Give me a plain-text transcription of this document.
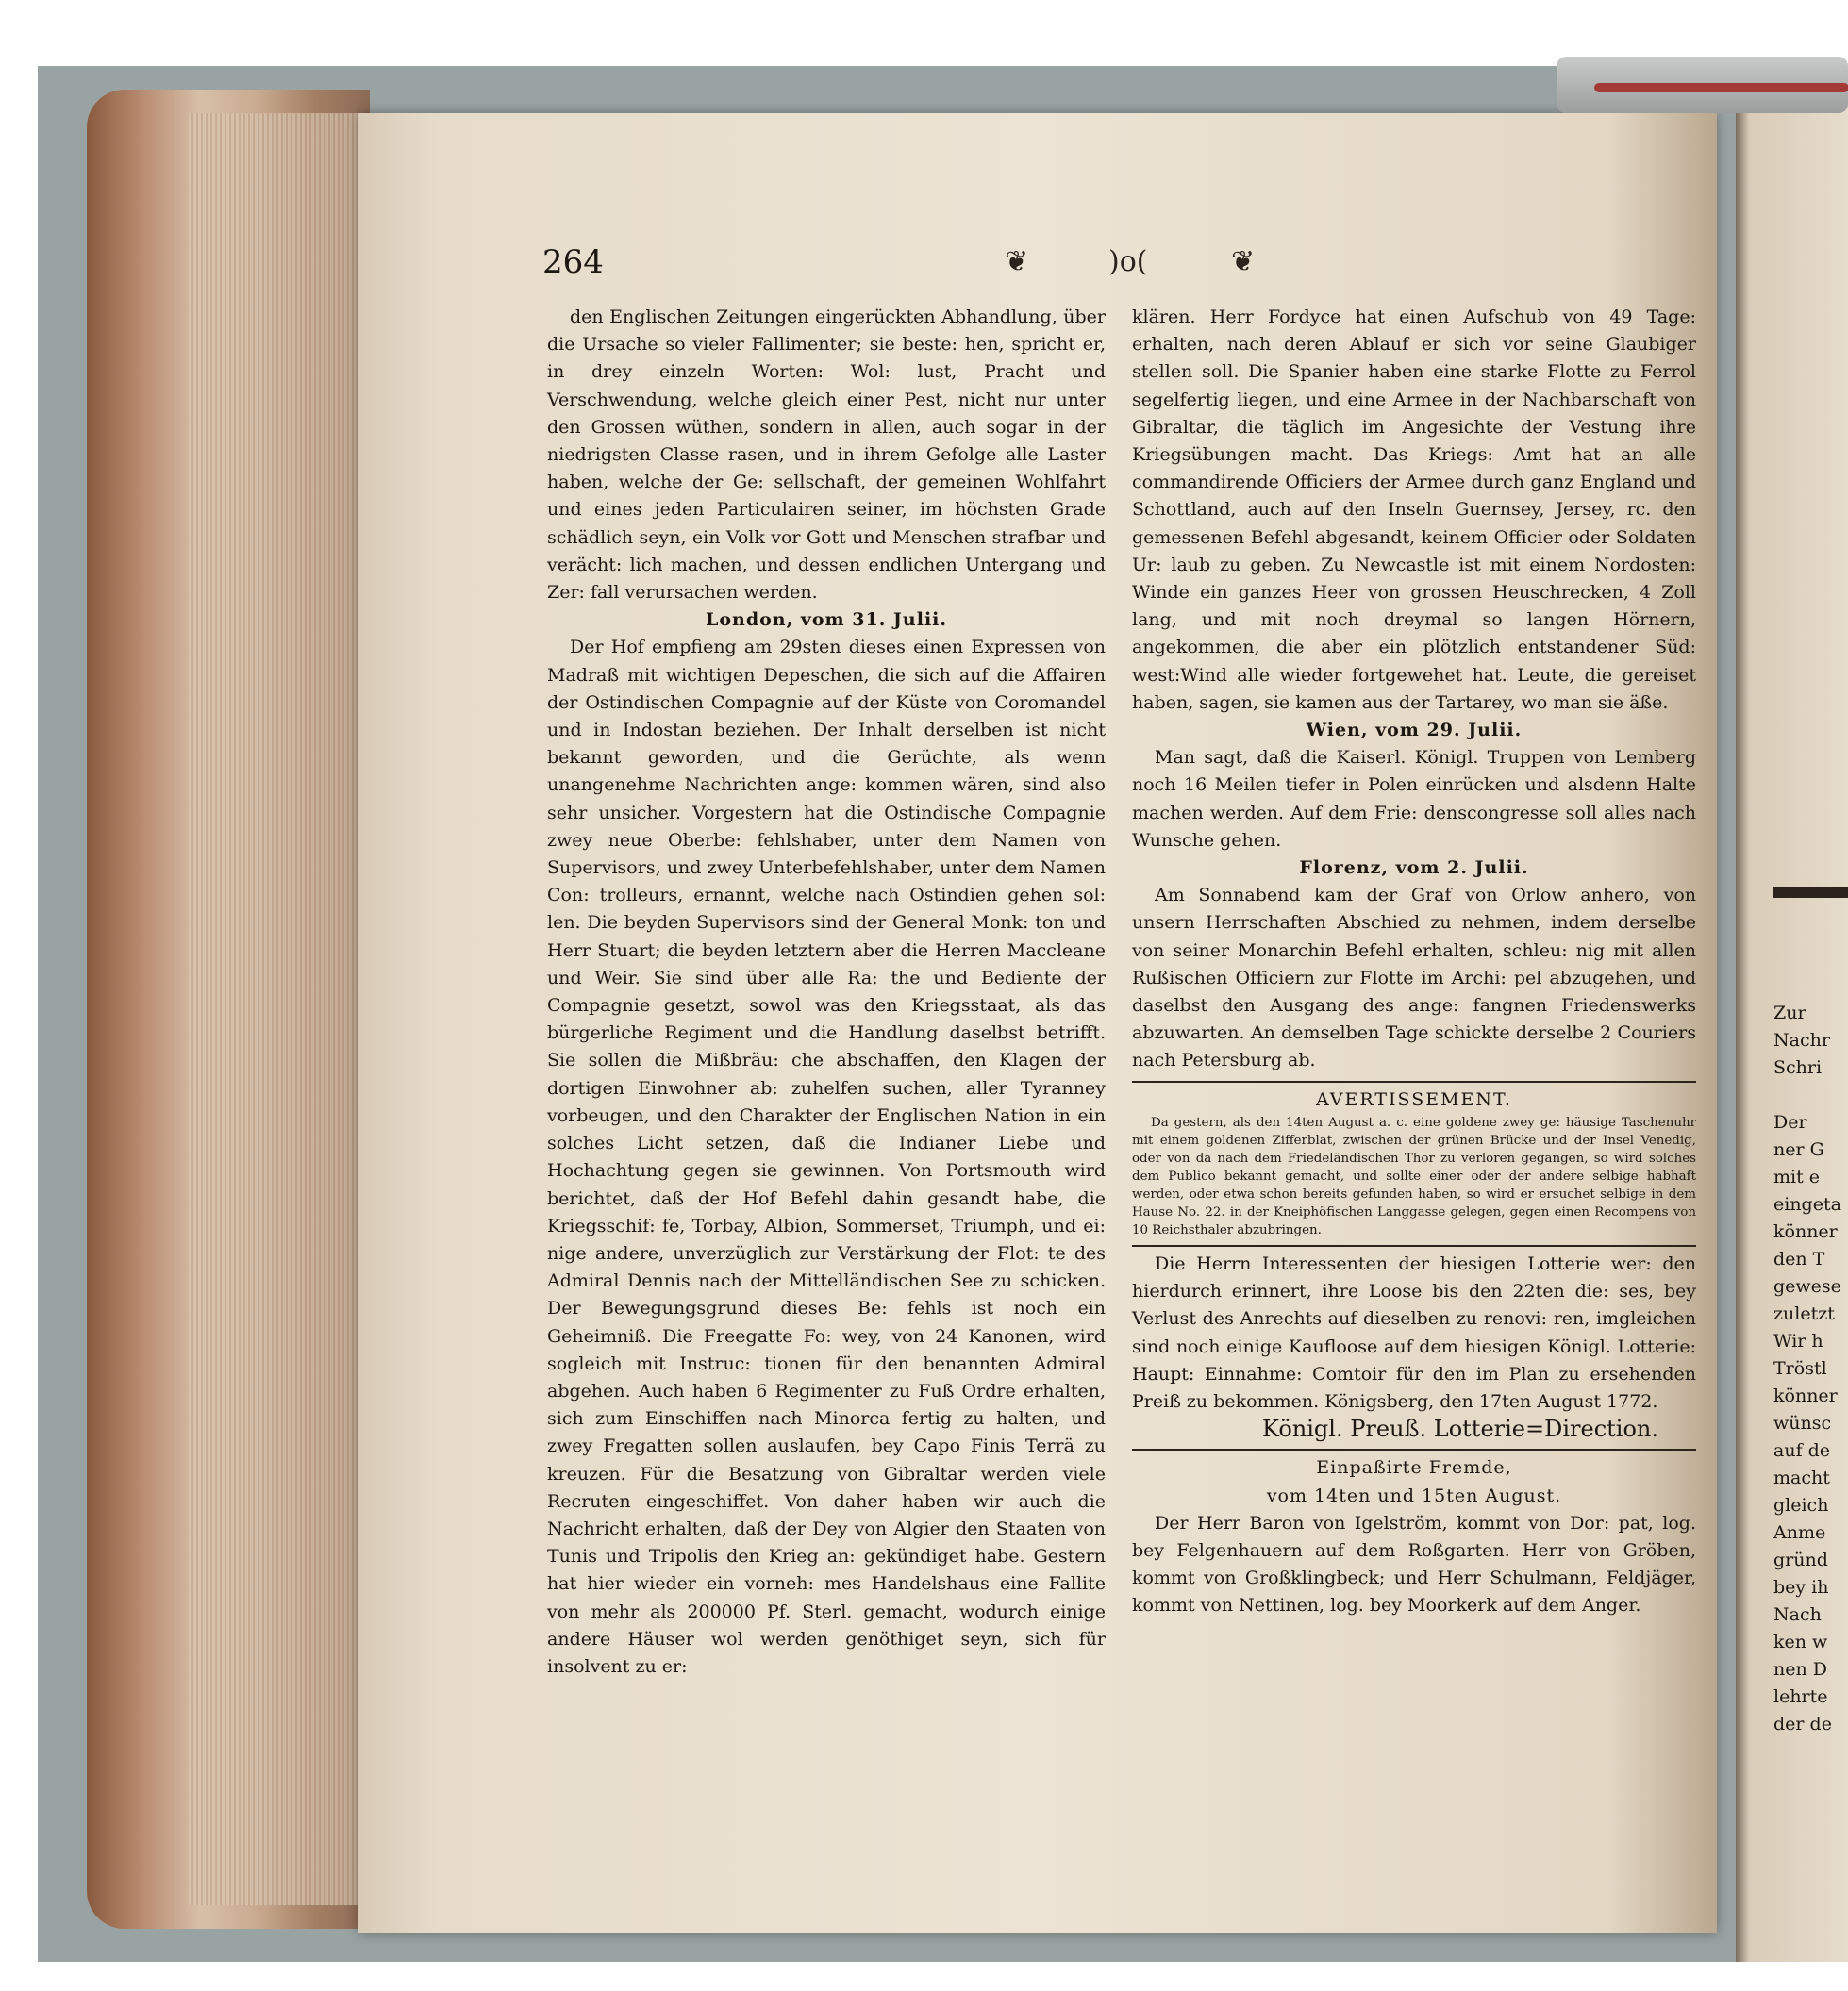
264	❦	)o(	❦

den Englischen Zeitungen eingerückten Abhandlung, über die Ursache so vieler Fallimenter; sie beste: hen, spricht er, in drey einzeln Worten: Wol: lust, Pracht und Verschwendung, welche gleich einer Pest, nicht nur unter den Grossen wüthen, sondern in allen, auch sogar in der niedrigsten Classe rasen, und in ihrem Gefolge alle Laster haben, welche der Ge: sellschaft, der gemeinen Wohlfahrt und eines jeden Particulairen seiner, im höchsten Grade schädlich seyn, ein Volk vor Gott und Menschen strafbar und verächt: lich machen, und dessen endlichen Untergang und Zer: fall verursachen werden.

London, vom 31. Julii.

Der Hof empfieng am 29sten dieses einen Expressen von Madraß mit wichtigen Depeschen, die sich auf die Affairen der Ostindischen Compagnie auf der Küste von Coromandel und in Indostan beziehen. Der Inhalt derselben ist nicht bekannt geworden, und die Gerüchte, als wenn unangenehme Nachrichten ange: kommen wären, sind also sehr unsicher. Vorgestern hat die Ostindische Compagnie zwey neue Oberbe: fehlshaber, unter dem Namen von Supervisors, und zwey Unterbefehlshaber, unter dem Namen Con: trolleurs, ernannt, welche nach Ostindien gehen sol: len. Die beyden Supervisors sind der General Monk: ton und Herr Stuart; die beyden letztern aber die Herren Macclеane und Weir. Sie sind über alle Ra: the und Bediente der Compagnie gesetzt, sowol was den Kriegsstaat, als das bürgerliche Regiment und die Handlung daselbst betrifft. Sie sollen die Mißbräu: che abschaffen, den Klagen der dortigen Einwohner ab: zuhelfen suchen, aller Tyranney vorbeugen, und den Charakter der Englischen Nation in ein solches Licht setzen, daß die Indianer Liebe und Hochachtung gegen sie gewinnen. Von Portsmouth wird berichtet, daß der Hof Befehl dahin gesandt habe, die Kriegsschif: fe, Torbay, Albion, Sommerset, Triumph, und ei: nige andere, unverzüglich zur Verstärkung der Flot: te des Admiral Dennis nach der Mittelländischen See zu schicken. Der Bewegungsgrund dieses Be: fehls ist noch ein Geheimniß. Die Freegatte Fo: wey, von 24 Kanonen, wird sogleich mit Instruc: tionen für den benannten Admiral abgehen. Auch haben 6 Regimenter zu Fuß Ordre erhalten, sich zum Einschiffen nach Minorca fertig zu halten, und zwey Fregatten sollen auslaufen, bey Capo Finis Terrä zu kreuzen. Für die Besatzung von Gibraltar werden viele Recruten eingeschiffet. Von daher haben wir auch die Nachricht erhalten, daß der Dey von Algier den Staaten von Tunis und Tripolis den Krieg an: gekündiget habe. Gestern hat hier wieder ein vorneh: mes Handelshaus eine Fallite von mehr als 200000 Pf. Sterl. gemacht, wodurch einige andere Häuser wol werden genöthiget seyn, sich für insolvent zu er:

klären. Herr Fordyce hat einen Aufschub von 49 Tage: erhalten, nach deren Ablauf er sich vor seine Glaubiger stellen soll. Die Spanier haben eine starke Flotte zu Ferrol segelfertig liegen, und eine Armee in der Nachbarschaft von Gibraltar, die täglich im Angesichte der Vestung ihre Kriegsübungen macht. Das Kriegs: Amt hat an alle commandirende Officiers der Armee durch ganz England und Schottland, auch auf den Inseln Guernsey, Jersey, rc. den gemessenen Befehl abgesandt, keinem Officier oder Soldaten Ur: laub zu geben. Zu Newcastle ist mit einem Nordosten: Winde ein ganzes Heer von grossen Heuschrecken, 4 Zoll lang, und mit noch dreymal so langen Hörnern, angekommen, die aber ein plötzlich entstandener Süd: west:Wind alle wieder fortgewehet hat. Leute, die gereiset haben, sagen, sie kamen aus der Tartarey, wo man sie äße.

Wien, vom 29. Julii.

Man sagt, daß die Kaiserl. Königl. Truppen von Lemberg noch 16 Meilen tiefer in Polen einrücken und alsdenn Halte machen werden. Auf dem Frie: denscongresse soll alles nach Wunsche gehen.

Florenz, vom 2. Julii.

Am Sonnabend kam der Graf von Orlow anhero, von unsern Herrschaften Abschied zu nehmen, indem derselbe von seiner Monarchin Befehl erhalten, schleu: nig mit allen Rußischen Officiern zur Flotte im Archi: pel abzugehen, und daselbst den Ausgang des ange: fangnen Friedenswerks abzuwarten. An demselben Tage schickte derselbe 2 Couriers nach Petersburg ab.

AVERTISSEMENT.

Da gestern, als den 14ten August a. c. eine goldene zwey ge: häusige Taschenuhr mit einem goldenen Zifferblat, zwischen der grünen Brücke und der Insel Venedig, oder von da nach dem Friedeländischen Thor zu verloren gegangen, so wird solches dem Publico bekannt gemacht, und sollte einer oder der andere selbige habhaft werden, oder etwa schon bereits gefunden haben, so wird er ersuchet selbige in dem Hause No. 22. in der Kneiphöfischen Langgasse gelegen, gegen einen Recompens von 10 Reichsthaler abzubringen.

Die Herrn Interessenten der hiesigen Lotterie wer: den hierdurch erinnert, ihre Loose bis den 22ten die: ses, bey Verlust des Anrechts auf dieselben zu renovi: ren, imgleichen sind noch einige Kaufloose auf dem hiesigen Königl. Lotterie: Haupt: Einnahme: Comtoir für den im Plan zu ersehenden Preiß zu bekommen. Königsberg, den 17ten August 1772.

Königl. Preuß. Lotterie=Direction.

Einpaßirte Fremde,

vom 14ten und 15ten August.

Der Herr Baron von Igelström, kommt von Dor: pat, log. bey Felgenhauern auf dem Roßgarten. Herr von Gröben, kommt von Großklingbeck; und Herr Schulmann, Feldjäger, kommt von Nettinen, log. bey Moorkerk auf dem Anger.

Zur
Nachr
Schri

Der
ner G
mit e
eingeta
könner
den T
gewese
zuletzt
Wir h
Tröstl
könner
wünsc
auf de
macht
gleich
Anme
gründ
bey ih
Nach
ken w
nen D
lehrte
der de
